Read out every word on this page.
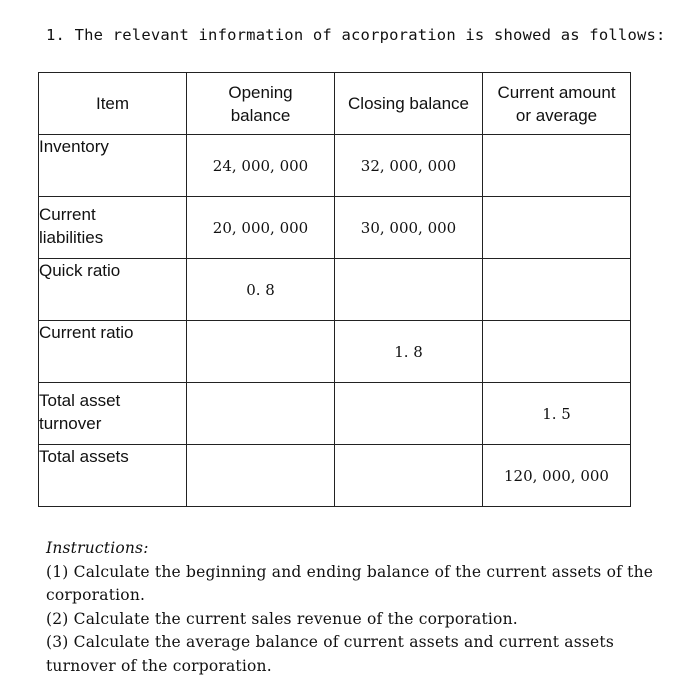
1. The relevant information of acorporation is showed as follows:
Item	Opening balance	Closing balance	Current amount or average
Inventory	24, 000, 000	32, 000, 000	
Current liabilities	20, 000, 000	30, 000, 000	
Quick ratio	0. 8		
Current ratio		1. 8	
Total asset turnover			1. 5
Total assets			120, 000, 000

Instructions:

(1) Calculate the beginning and ending balance of the current assets of the corporation.

(2) Calculate the current sales revenue of the corporation.

(3) Calculate the average balance of current assets and current assets turnover of the corporation.
